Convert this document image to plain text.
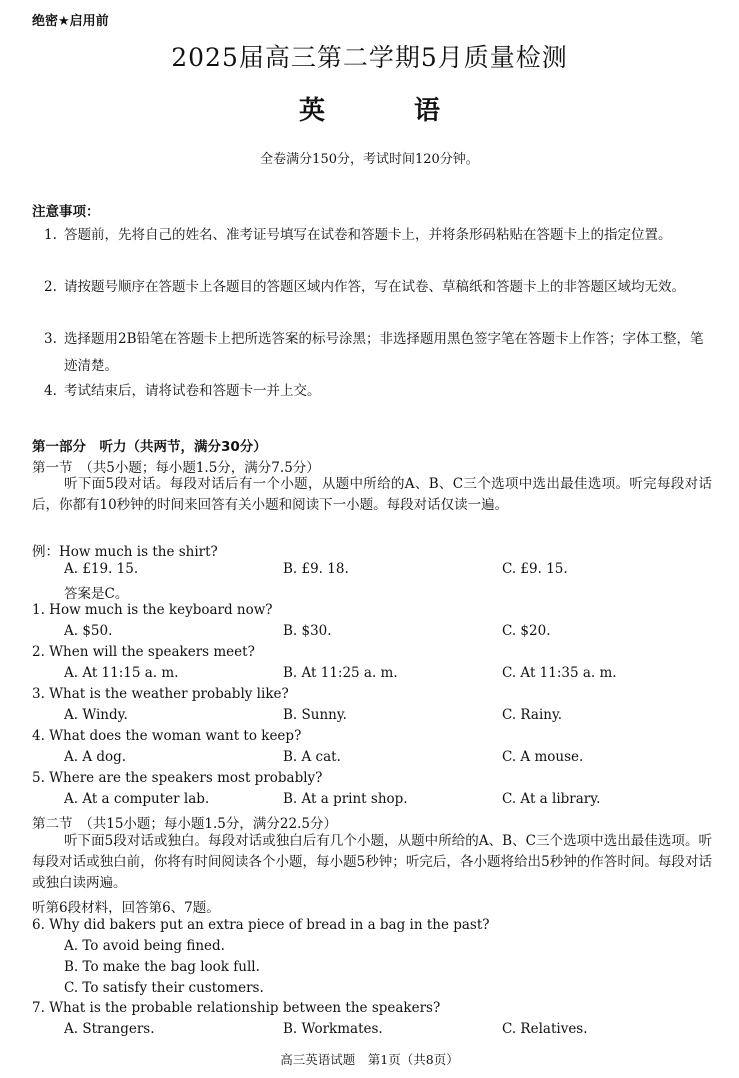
绝密★启用前
2025届高三第二学期5月质量检测
英 语
全卷满分150分，考试时间120分钟。
注意事项：
1. 答题前，先将自己的姓名、准考证号填写在试卷和答题卡上，并将条形码粘贴在答题卡上的指定位置。
2. 请按题号顺序在答题卡上各题目的答题区域内作答，写在试卷、草稿纸和答题卡上的非答题区域均无效。
3. 选择题用2B铅笔在答题卡上把所选答案的标号涂黑；非选择题用黑色签字笔在答题卡上作答；字体工整，笔迹清楚。
4. 考试结束后，请将试卷和答题卡一并上交。
第一部分　听力（共两节，满分30分）
第一节　（共5小题；每小题1.5分，满分7.5分）
听下面5段对话。每段对话后有一个小题，从题中所给的A、B、C三个选项中选出最佳选项。听完每段对话后，你都有10秒钟的时间来回答有关小题和阅读下一小题。每段对话仅读一遍。
例：How much is the shirt?
A. £19. 15.	B. £9. 18.	C. £9. 15.
答案是C。
1. How much is the keyboard now?
A. $50.	B. $30.	C. $20.
2. When will the speakers meet?
A. At 11:15 a. m.	B. At 11:25 a. m.	C. At 11:35 a. m.
3. What is the weather probably like?
A. Windy.	B. Sunny.	C. Rainy.
4. What does the woman want to keep?
A. A dog.	B. A cat.	C. A mouse.
5. Where are the speakers most probably?
A. At a computer lab.	B. At a print shop.	C. At a library.
第二节　（共15小题；每小题1.5分，满分22.5分）
听下面5段对话或独白。每段对话或独白后有几个小题，从题中所给的A、B、C三个选项中选出最佳选项。听每段对话或独白前，你将有时间阅读各个小题，每小题5秒钟；听完后，各小题将给出5秒钟的作答时间。每段对话或独白读两遍。
听第6段材料，回答第6、7题。
6. Why did bakers put an extra piece of bread in a bag in the past?
A. To avoid being fined.
B. To make the bag look full.
C. To satisfy their customers.
7. What is the probable relationship between the speakers?
A. Strangers.	B. Workmates.	C. Relatives.
高三英语试题　第1页（共8页）
